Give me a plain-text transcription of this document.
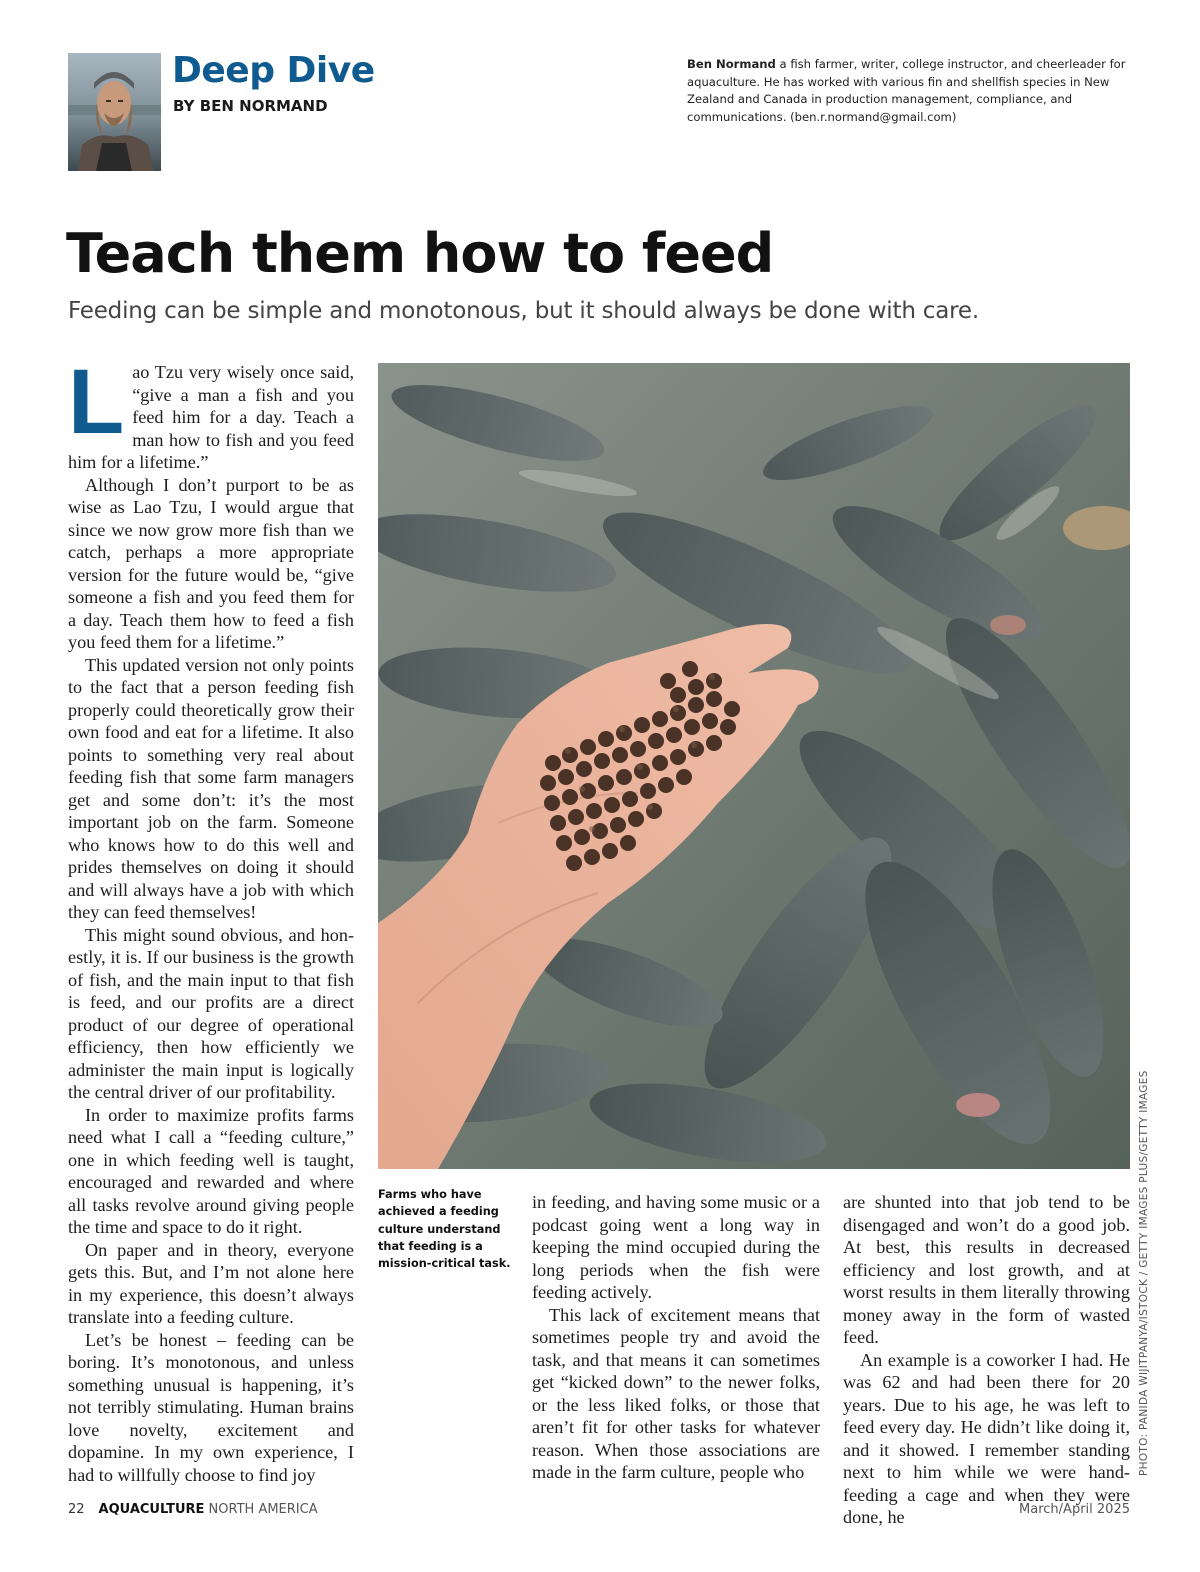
Deep Dive
BY BEN NORMAND
Ben Normand a fish farmer, writer, college instructor, and cheerleader for aquaculture. He has worked with various fin and shellfish species in New Zealand and Canada in production management, compliance, and communications. (ben.r.normand@gmail.com)
Teach them how to feed
Feeding can be simple and monotonous, but it should always be done with care.

Lao Tzu very wisely once said, “give a man a fish and you feed him for a day. Teach a man how to fish and you feed him for a lifetime.”

Although I don’t purport to be as wise as Lao Tzu, I would argue that since we now grow more fish than we catch, perhaps a more appropriate version for the future would be, “give someone a fish and you feed them for a day. Teach them how to feed a fish you feed them for a lifetime.”

This updated version not only points to the fact that a person feeding fish properly could theoretically grow their own food and eat for a lifetime. It also points to something very real about feeding fish that some farm managers get and some don’t: it’s the most important job on the farm. Someone who knows how to do this well and prides themselves on doing it should and will always have a job with which they can feed themselves!

This might sound obvious, and honestly, it is. If our business is the growth of fish, and the main input to that fish is feed, and our profits are a direct product of our degree of operational efficiency, then how efficiently we administer the main input is logically the central driver of our profitability.

In order to maximize profits farms need what I call a “feeding culture,” one in which feeding well is taught, encouraged and rewarded and where all tasks revolve around giving people the time and space to do it right.

On paper and in theory, everyone gets this. But, and I’m not alone here in my experience, this doesn’t always translate into a feeding culture.

Let’s be honest – feeding can be boring. It’s monotonous, and unless something unusual is happening, it’s not terribly stimulating. Human brains love novelty, excitement and dopamine. In my own experience, I had to willfully choose to find joy	PHOTO: PANIDA WIJITPANYA/ISTOCK / GETTY IMAGES PLUS/GETTY IMAGES
Farms who have achieved a feeding culture understand that feeding is a mission-critical task.

in feeding, and having some music or a podcast going went a long way in keeping the mind occupied during the long periods when the fish were feeding actively.

This lack of excitement means that sometimes people try and avoid the task, and that means it can sometimes get “kicked down” to the newer folks, or the less liked folks, or those that aren’t fit for other tasks for whatever reason. When those associations are made in the farm culture, people who

are shunted into that job tend to be disengaged and won’t do a good job. At best, this results in decreased efficiency and lost growth, and at worst results in them literally throwing money away in the form of wasted feed.

An example is a coworker I had. He was 62 and had been there for 20 years. Due to his age, he was left to feed every day. He didn’t like doing it, and it showed. I remember standing next to him while we were hand-feeding a cage and when they were done, he

22 AQUACULTURE NORTH AMERICA	March/April 2025
